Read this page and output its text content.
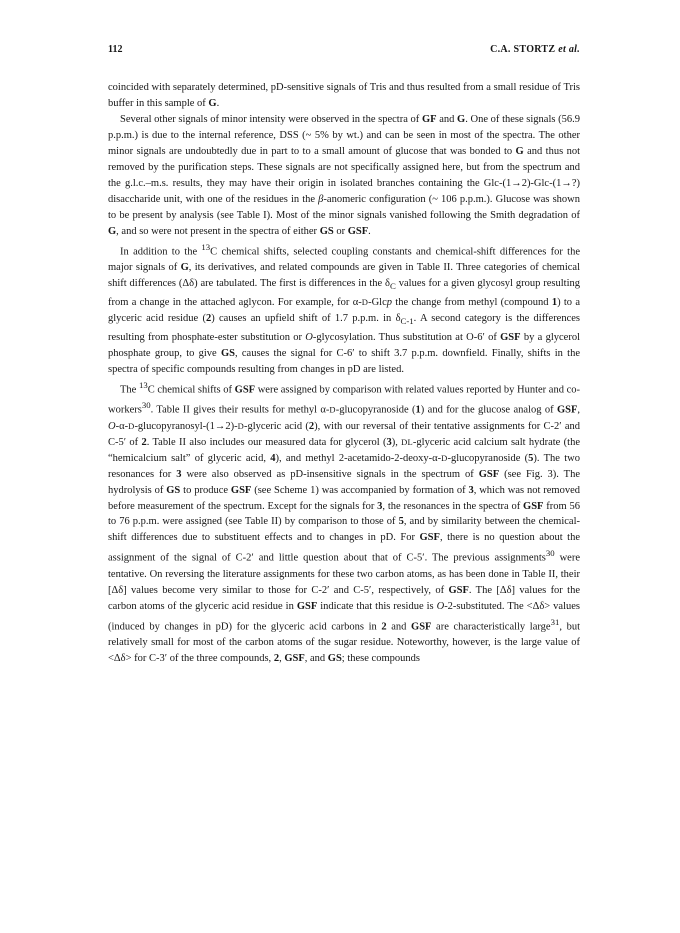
112	C.A. STORTZ et al.

coincided with separately determined, pD-sensitive signals of Tris and thus resulted from a small residue of Tris buffer in this sample of G.

Several other signals of minor intensity were observed in the spectra of GF and G. One of these signals (56.9 p.p.m.) is due to the internal reference, DSS (~ 5% by wt.) and can be seen in most of the spectra. The other minor signals are undoubtedly due in part to to a small amount of glucose that was bonded to G and thus not removed by the purification steps. These signals are not specifically assigned here, but from the spectrum and the g.l.c.–m.s. results, they may have their origin in isolated branches containing the Glc-(1→2)-Glc-(1→?) disaccharide unit, with one of the residues in the β-anomeric configuration (~ 106 p.p.m.). Glucose was shown to be present by analysis (see Table I). Most of the minor signals vanished following the Smith degradation of G, and so were not present in the spectra of either GS or GSF.

In addition to the $^{13}$C chemical shifts, selected coupling constants and chemical-shift differences for the major signals of G, its derivatives, and related compounds are given in Table II. Three categories of chemical shift differences (Δδ) are tabulated. The first is differences in the $\delta_C$ values for a given glycosyl group resulting from a change in the attached aglycon. For example, for α-D-Glcp the change from methyl (compound 1) to a glyceric acid residue (2) causes an upfield shift of 1.7 p.p.m. in $\delta_{C-1}$. A second category is the differences resulting from phosphate-ester substitution or O-glycosylation. Thus substitution at O-6′ of GSF by a glycerol phosphate group, to give GS, causes the signal for C-6′ to shift 3.7 p.p.m. downfield. Finally, shifts in the spectra of specific compounds resulting from changes in pD are listed.

The $^{13}$C chemical shifts of GSF were assigned by comparison with related values reported by Hunter and co-workers$^{30}$. Table II gives their results for methyl α-D-glucopyranoside (1) and for the glucose analog of GSF, O-α-D-glucopyranosyl-(1→2)-D-glyceric acid (2), with our reversal of their tentative assignments for C-2′ and C-5′ of 2. Table II also includes our measured data for glycerol (3), DL-glyceric acid calcium salt hydrate (the “hemicalcium salt” of glyceric acid, 4), and methyl 2-acetamido-2-deoxy-α-D-glucopyranoside (5). The two resonances for 3 were also observed as pD-insensitive signals in the spectrum of GSF (see Fig. 3). The hydrolysis of GS to produce GSF (see Scheme 1) was accompanied by formation of 3, which was not removed before measurement of the spectrum. Except for the signals for 3, the resonances in the spectra of GSF from 56 to 76 p.p.m. were assigned (see Table II) by comparison to those of 5, and by similarity between the chemical-shift differences due to substituent effects and to changes in pD. For GSF, there is no question about the assignment of the signal of C-2′ and little question about that of C-5′. The previous assignments$^{30}$ were tentative. On reversing the literature assignments for these two carbon atoms, as has been done in Table II, their [Δδ] values become very similar to those for C-2′ and C-5′, respectively, of GSF. The [Δδ] values for the carbon atoms of the glyceric acid residue in GSF indicate that this residue is O-2-substituted. The <Δδ> values (induced by changes in pD) for the glyceric acid carbons in 2 and GSF are characteristically large$^{31}$, but relatively small for most of the carbon atoms of the sugar residue. Noteworthy, however, is the large value of <Δδ> for C-3′ of the three compounds, 2, GSF, and GS; these compounds
